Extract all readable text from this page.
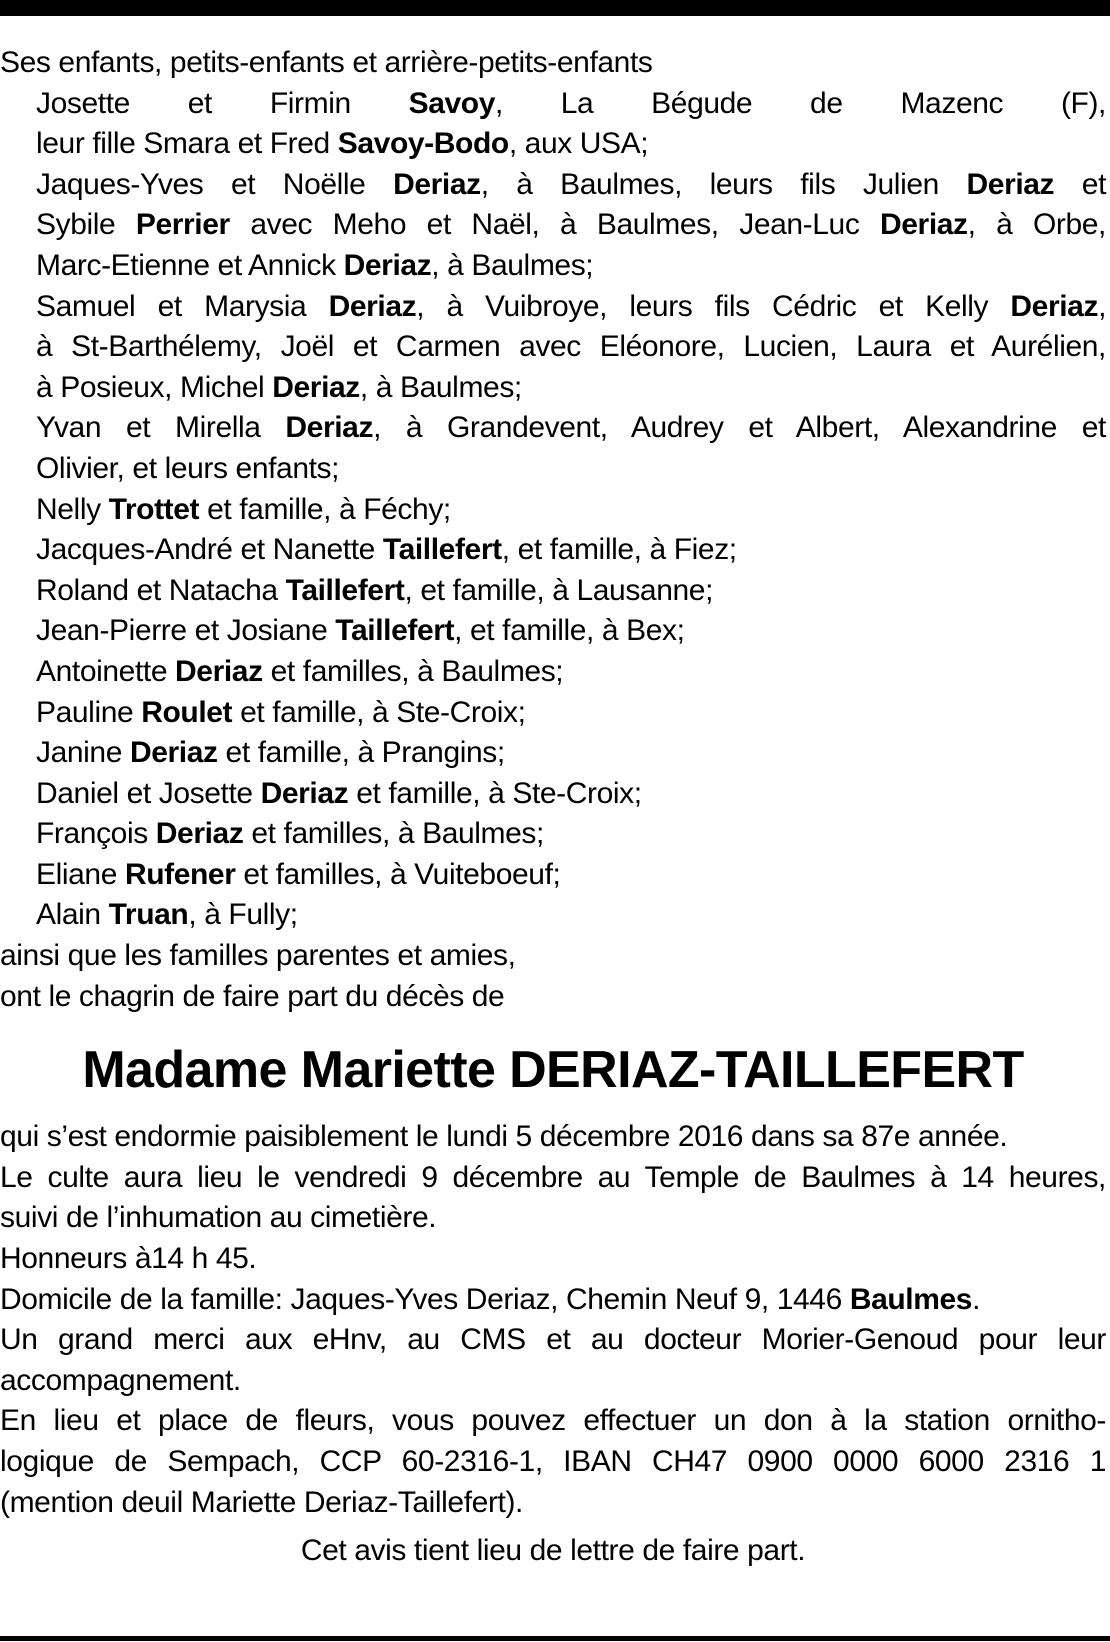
Ses enfants, petits-enfants et arrière-petits-enfants
Josette et Firmin Savoy, La Bégude de Mazenc (F),
leur fille Smara et Fred Savoy-Bodo, aux USA;
Jaques-Yves et Noëlle Deriaz, à Baulmes, leurs fils Julien Deriaz et
Sybile Perrier avec Meho et Naël, à Baulmes, Jean-Luc Deriaz, à Orbe,
Marc-Etienne et Annick Deriaz, à Baulmes;
Samuel et Marysia Deriaz, à Vuibroye, leurs fils Cédric et Kelly Deriaz,
à St-Barthélemy, Joël et Carmen avec Eléonore, Lucien, Laura et Aurélien,
à Posieux, Michel Deriaz, à Baulmes;
Yvan et Mirella Deriaz, à Grandevent, Audrey et Albert, Alexandrine et
Olivier, et leurs enfants;
Nelly Trottet et famille, à Féchy;
Jacques-André et Nanette Taillefert, et famille, à Fiez;
Roland et Natacha Taillefert, et famille, à Lausanne;
Jean-Pierre et Josiane Taillefert, et famille, à Bex;
Antoinette Deriaz et familles, à Baulmes;
Pauline Roulet et famille, à Ste-Croix;
Janine Deriaz et famille, à Prangins;
Daniel et Josette Deriaz et famille, à Ste-Croix;
François Deriaz et familles, à Baulmes;
Eliane Rufener et familles, à Vuiteboeuf;
Alain Truan, à Fully;
ainsi que les familles parentes et amies,
ont le chagrin de faire part du décès de
Madame Mariette DERIAZ-TAILLEFERT
qui s’est endormie paisiblement le lundi 5 décembre 2016 dans sa 87e année.
Le culte aura lieu le vendredi 9 décembre au Temple de Baulmes à 14 heures,
suivi de l’inhumation au cimetière.
Honneurs à14 h 45.
Domicile de la famille: Jaques-Yves Deriaz, Chemin Neuf 9, 1446 Baulmes.
Un grand merci aux eHnv, au CMS et au docteur Morier-Genoud pour leur
accompagnement.
En lieu et place de fleurs, vous pouvez effectuer un don à la station ornitho-
logique de Sempach, CCP 60-2316-1, IBAN CH47 0900 0000 6000 2316 1
(mention deuil Mariette Deriaz-Taillefert).
Cet avis tient lieu de lettre de faire part.
